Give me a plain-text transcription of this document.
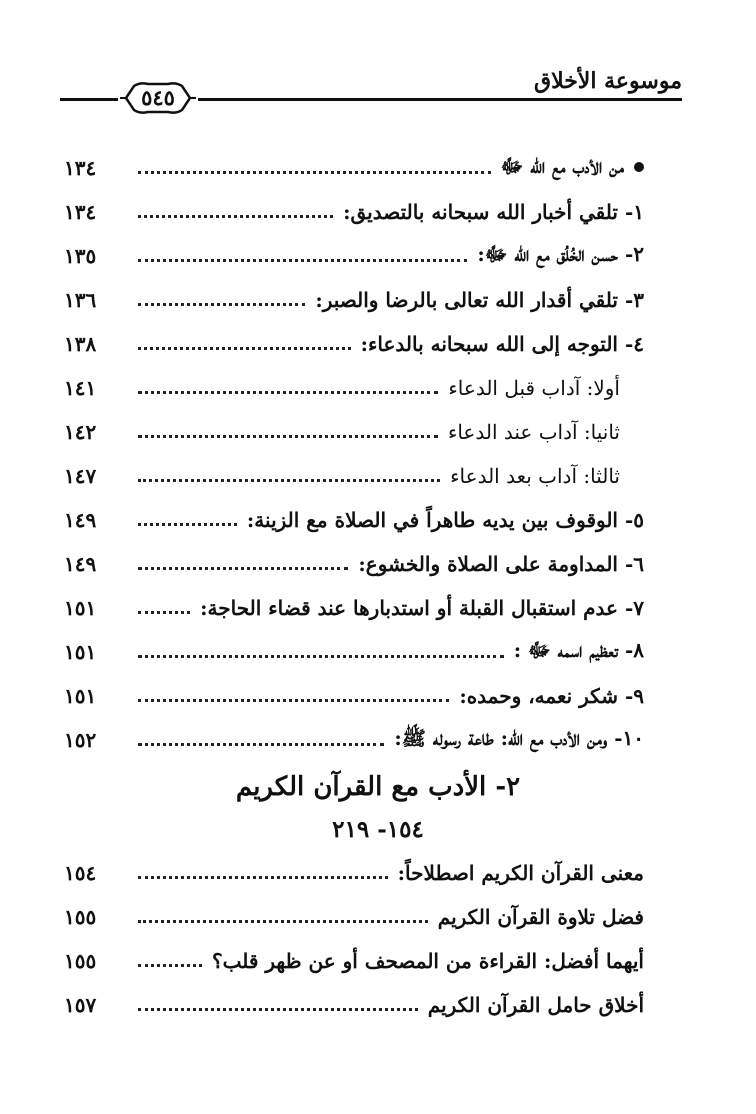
موسوعة الأخلاق
٥٤٥
من الأدب مع الله ﷻ
١٣٤
١- تلقي أخبار الله سبحانه بالتصديق:
١٣٤
٢- حسن الخُلُق مع الله ﷻ:
١٣٥
٣- تلقي أقدار الله تعالى بالرضا والصبر:
١٣٦
٤- التوجه إلى الله سبحانه بالدعاء:
١٣٨
أولا: آداب قبل الدعاء
١٤١
ثانيا: آداب عند الدعاء
١٤٢
ثالثا: آداب بعد الدعاء
١٤٧
٥- الوقوف بين يديه طاهراً في الصلاة مع الزينة:
١٤٩
٦- المداومة على الصلاة والخشوع:
١٤٩
٧- عدم استقبال القبلة أو استدبارها عند قضاء الحاجة:
١٥١
٨- تعظيم اسمه ﷻ :
١٥١
٩- شكر نعمه، وحمده:
١٥١
١٠- ومن الأدب مع الله: طاعة رسوله ﷺ:
١٥٢
٢- الأدب مع القرآن الكريم
١٥٤- ٢١٩
معنى القرآن الكريم اصطلاحاً:
١٥٤
فضل تلاوة القرآن الكريم
١٥٥
أيهما أفضل: القراءة من المصحف أو عن ظهر قلب؟
١٥٥
أخلاق حامل القرآن الكريم
١٥٧
